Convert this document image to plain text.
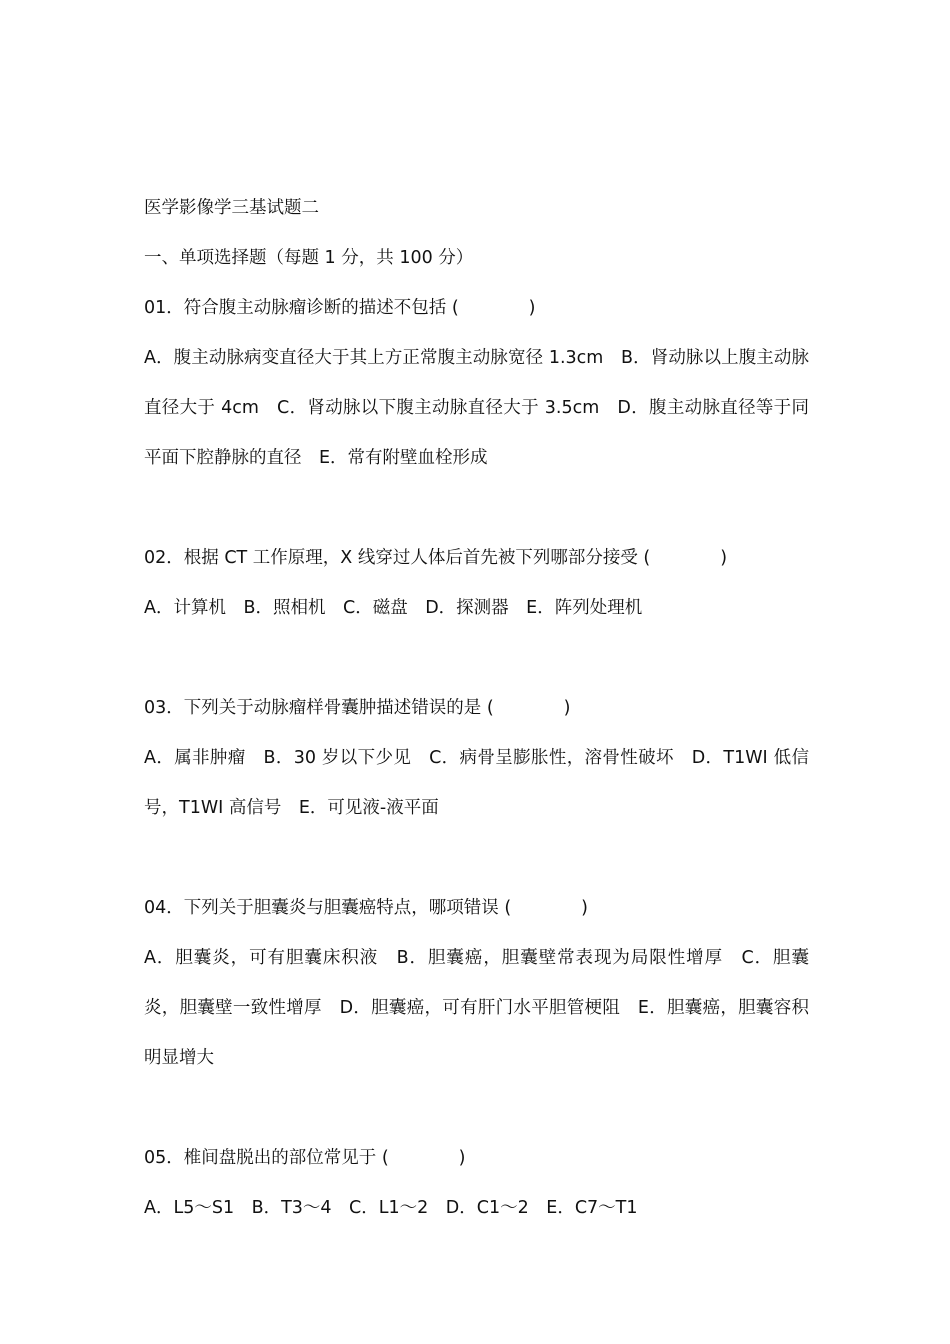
医学影像学三基试题二
一、单项选择题（每题 1 分，共 100 分）
01．符合腹主动脉瘤诊断的描述不包括 (　　　　)
A．腹主动脉病变直径大于其上方正常腹主动脉宽径 1.3cm　B．肾动脉以上腹主动脉直径大于 4cm　C．肾动脉以下腹主动脉直径大于 3.5cm　D．腹主动脉直径等于同平面下腔静脉的直径　E．常有附壁血栓形成
02．根据 CT 工作原理，X 线穿过人体后首先被下列哪部分接受 (　　　　)
A．计算机　B．照相机　C．磁盘　D．探测器　E．阵列处理机
03．下列关于动脉瘤样骨囊肿描述错误的是 (　　　　)
A．属非肿瘤　B．30 岁以下少见　C．病骨呈膨胀性，溶骨性破坏　D．T1WI 低信号，T1WI 高信号　E．可见液-液平面
04．下列关于胆囊炎与胆囊癌特点，哪项错误 (　　　　)
A．胆囊炎，可有胆囊床积液　B．胆囊癌，胆囊壁常表现为局限性增厚　C．胆囊炎，胆囊壁一致性增厚　D．胆囊癌，可有肝门水平胆管梗阻　E．胆囊癌，胆囊容积明显增大
05．椎间盘脱出的部位常见于 (　　　　)
A．L5～S1　B．T3～4　C．L1～2　D．C1～2　E．C7～T1
